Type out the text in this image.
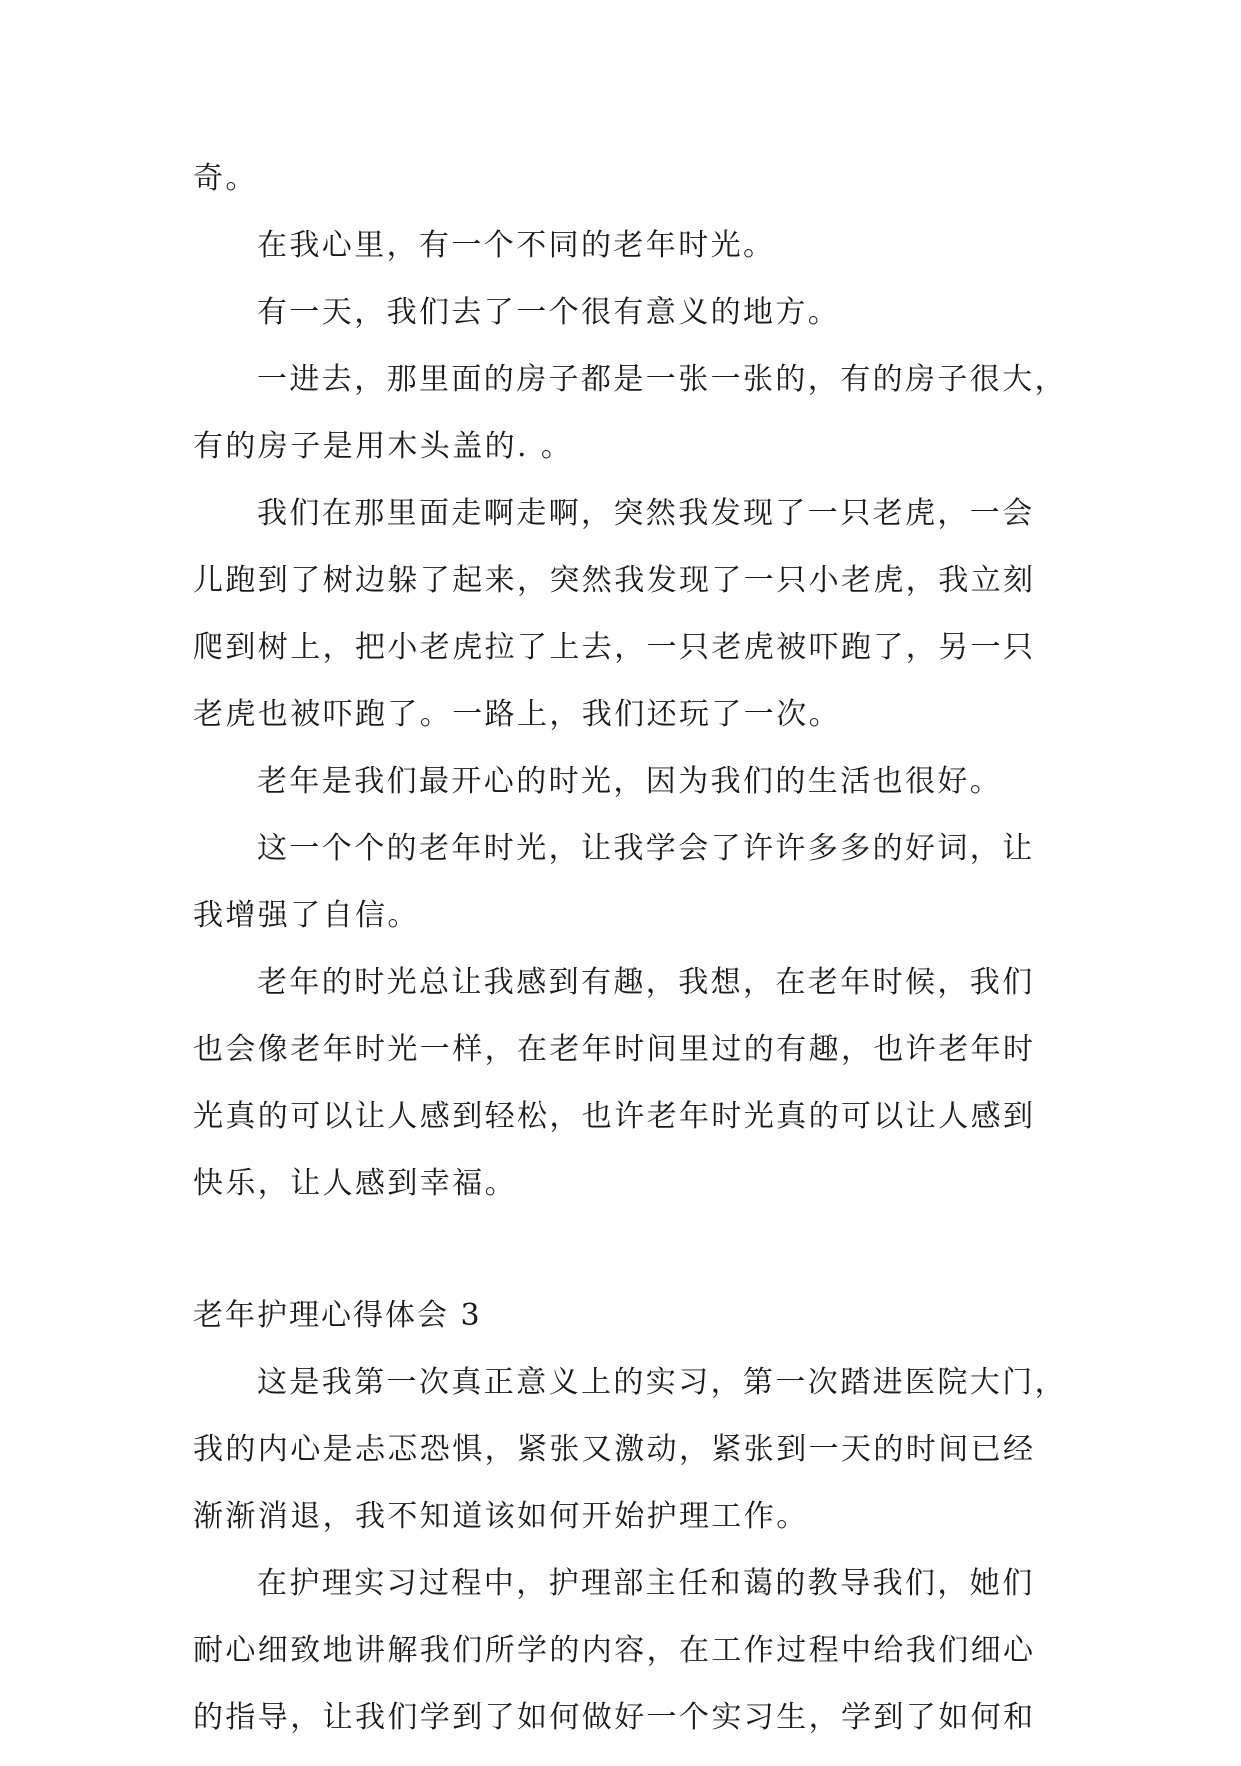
奇。
在我心里，有一个不同的老年时光。
有一天，我们去了一个很有意义的地方。
一进去，那里面的房子都是一张一张的，有的房子很大，
有的房子是用木头盖的. 。
我们在那里面走啊走啊，突然我发现了一只老虎，一会
儿跑到了树边躲了起来，突然我发现了一只小老虎，我立刻
爬到树上，把小老虎拉了上去，一只老虎被吓跑了，另一只
老虎也被吓跑了。一路上，我们还玩了一次。
老年是我们最开心的时光，因为我们的生活也很好。
这一个个的老年时光，让我学会了许许多多的好词，让
我增强了自信。
老年的时光总让我感到有趣，我想，在老年时候，我们
也会像老年时光一样，在老年时间里过的有趣，也许老年时
光真的可以让人感到轻松，也许老年时光真的可以让人感到
快乐，让人感到幸福。
老年护理心得体会 3
这是我第一次真正意义上的实习，第一次踏进医院大门，
我的内心是忐忑恐惧，紧张又激动，紧张到一天的时间已经
渐渐消退，我不知道该如何开始护理工作。
在护理实习过程中，护理部主任和蔼的教导我们，她们
耐心细致地讲解我们所学的内容，在工作过程中给我们细心
的指导，让我们学到了如何做好一个实习生，学到了如何和
